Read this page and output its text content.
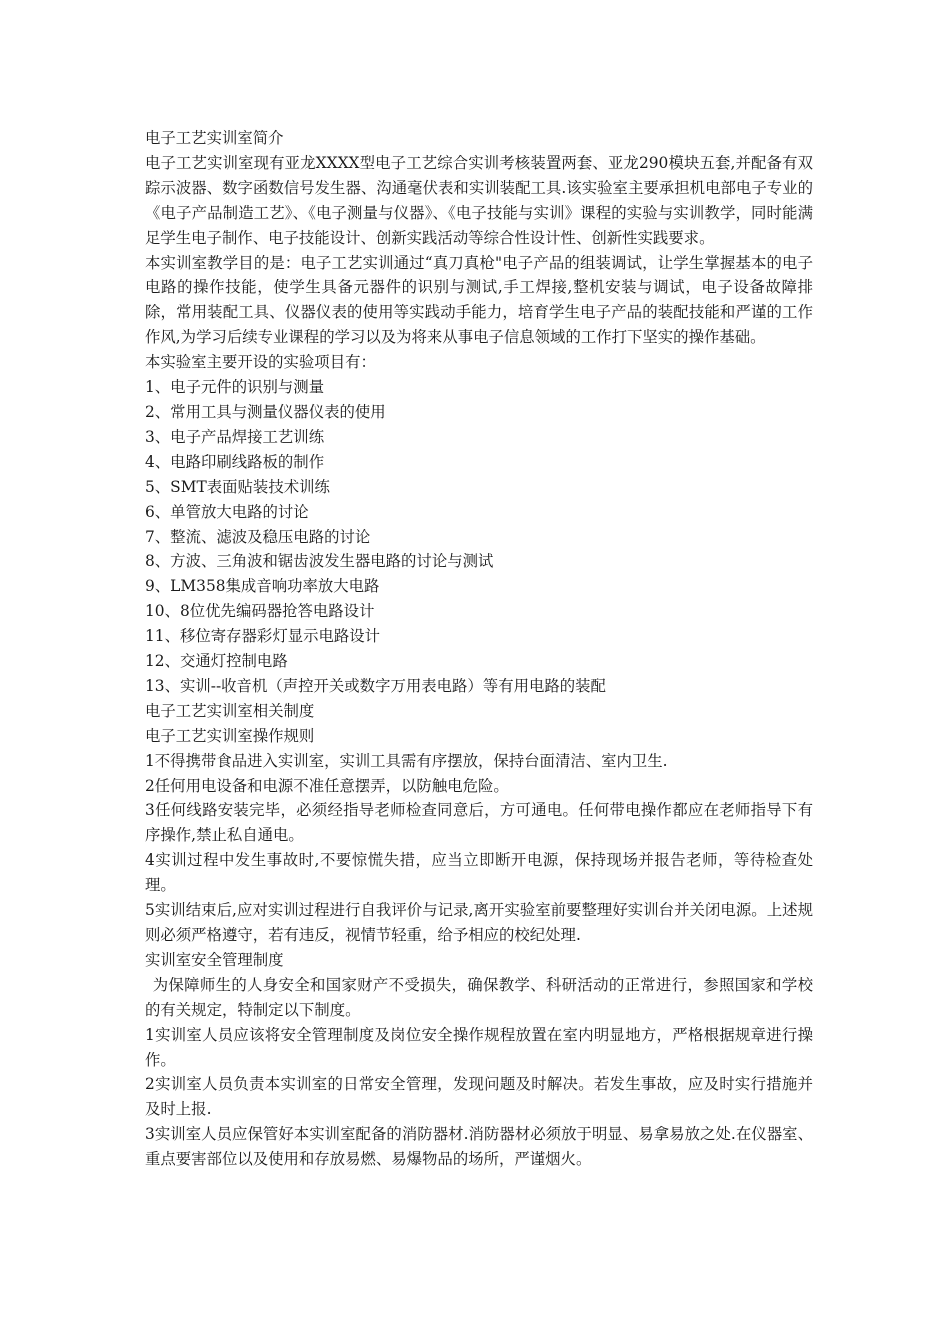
电子工艺实训室简介

电子工艺实训室现有亚龙XXXX型电子工艺综合实训考核装置两套、亚龙290模块五套,并配备有双踪示波器、数字函数信号发生器、沟通毫伏表和实训装配工具.该实验室主要承担机电部电子专业的《电子产品制造工艺》、《电子测量与仪器》、《电子技能与实训》课程的实验与实训教学，同时能满足学生电子制作、电子技能设计、创新实践活动等综合性设计性、创新性实践要求。

本实训室教学目的是：电子工艺实训通过“真刀真枪"电子产品的组装调试，让学生掌握基本的电子电路的操作技能，使学生具备元器件的识别与测试,手工焊接,整机安装与调试，电子设备故障排除，常用装配工具、仪器仪表的使用等实践动手能力，培育学生电子产品的装配技能和严谨的工作作风,为学习后续专业课程的学习以及为将来从事电子信息领域的工作打下坚实的操作基础。

本实验室主要开设的实验项目有：

1、电子元件的识别与测量

2、常用工具与测量仪器仪表的使用

3、电子产品焊接工艺训练

4、电路印刷线路板的制作

5、SMT表面贴装技术训练

6、单管放大电路的讨论

7、整流、滤波及稳压电路的讨论

8、方波、三角波和锯齿波发生器电路的讨论与测试

9、LM358集成音响功率放大电路

10、8位优先编码器抢答电路设计

11、移位寄存器彩灯显示电路设计

12、交通灯控制电路

13、实训--收音机（声控开关或数字万用表电路）等有用电路的装配

电子工艺实训室相关制度

电子工艺实训室操作规则

1不得携带食品进入实训室，实训工具需有序摆放，保持台面清洁、室内卫生.

2任何用电设备和电源不准任意摆弄，以防触电危险。

3任何线路安装完毕，必须经指导老师检查同意后，方可通电。任何带电操作都应在老师指导下有序操作,禁止私自通电。

4实训过程中发生事故时,不要惊慌失措，应当立即断开电源，保持现场并报告老师，等待检查处理。

5实训结束后,应对实训过程进行自我评价与记录,离开实验室前要整理好实训台并关闭电源。上述规则必须严格遵守，若有违反，视情节轻重，给予相应的校纪处理.

实训室安全管理制度

为保障师生的人身安全和国家财产不受损失，确保教学、科研活动的正常进行，参照国家和学校的有关规定，特制定以下制度。

1实训室人员应该将安全管理制度及岗位安全操作规程放置在室内明显地方，严格根据规章进行操作。

2实训室人员负责本实训室的日常安全管理，发现问题及时解决。若发生事故，应及时实行措施并及时上报.

3实训室人员应保管好本实训室配备的消防器材.消防器材必须放于明显、易拿易放之处.在仪器室、重点要害部位以及使用和存放易燃、易爆物品的场所，严谨烟火。
